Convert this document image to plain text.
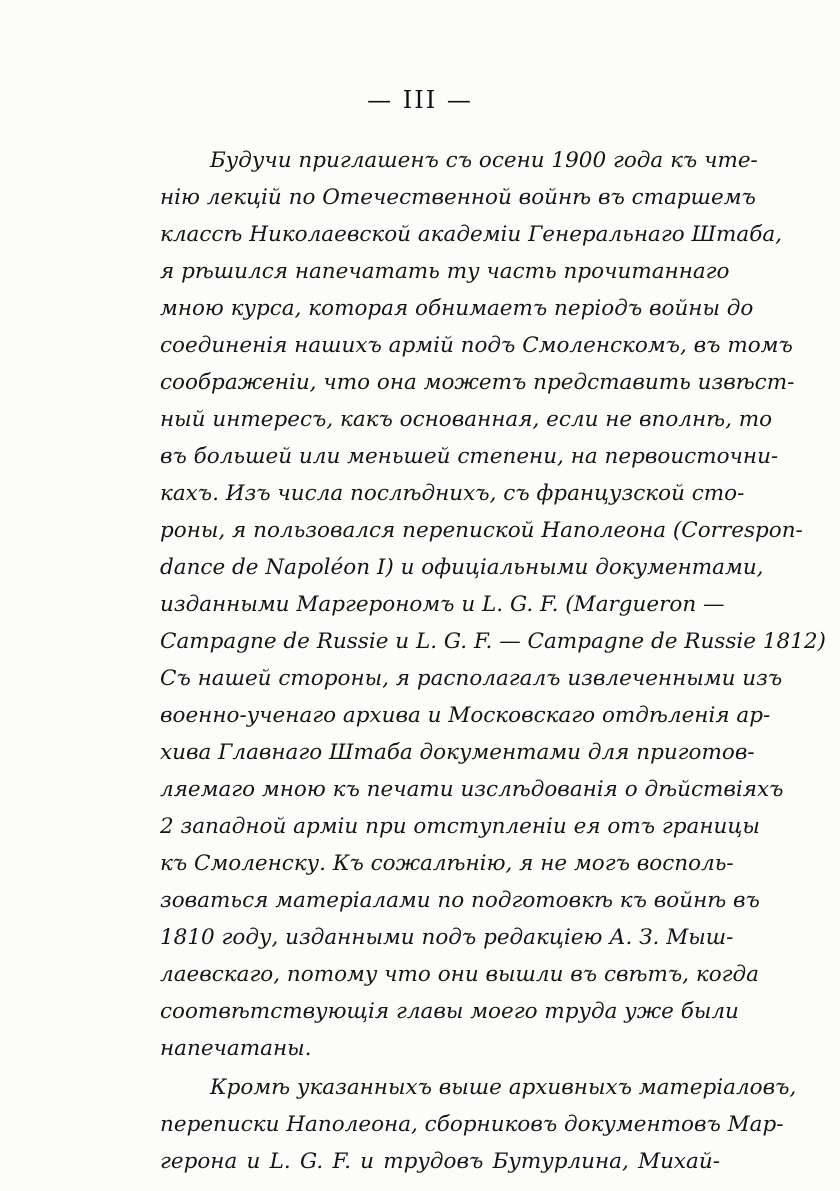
— III —
Будучи приглашенъ съ осени 1900 года къ чте-
нію лекцій по Отечественной войнѣ въ старшемъ
классѣ Николаевской академіи Генеральнаго Штаба,
я рѣшился напечатать ту часть прочитаннаго
мною курса, которая обнимаетъ періодъ войны до
соединенія нашихъ армій подъ Смоленскомъ, въ томъ
соображеніи, что она можетъ представить извѣст-
ный интересъ, какъ основанная, если не вполнѣ, то
въ большей или меньшей степени, на первоисточни-
кахъ. Изъ числа послѣднихъ, съ французской сто-
роны, я пользовался перепиской Наполеона (Correspon-
dance de Napoléon I) и офиціальными документами,
изданными Маргерономъ и L. G. F. (Margueron —
Campagne de Russie и L. G. F. — Campagne de Russie 1812)
Съ нашей стороны, я располагалъ извлеченными изъ
военно-ученаго архива и Московскаго отдѣленія ар-
хива Главнаго Штаба документами для приготов-
ляемаго мною къ печати изслѣдованія о дѣйствіяхъ
2 западной арміи при отступленіи ея отъ границы
къ Смоленску. Къ сожалѣнію, я не могъ восполь-
зоваться матеріалами по подготовкѣ къ войнѣ въ
1810 году, изданными подъ редакціею А. З. Мыш-
лаевскаго, потому что они вышли въ свѣтъ, когда
соотвѣтствующія главы моего труда уже были
напечатаны.
Кромѣ указанныхъ выше архивныхъ матеріаловъ,
переписки Наполеона, сборниковъ документовъ Мар-
герона и L. G. F. и трудовъ Бутурлина, Михай-
